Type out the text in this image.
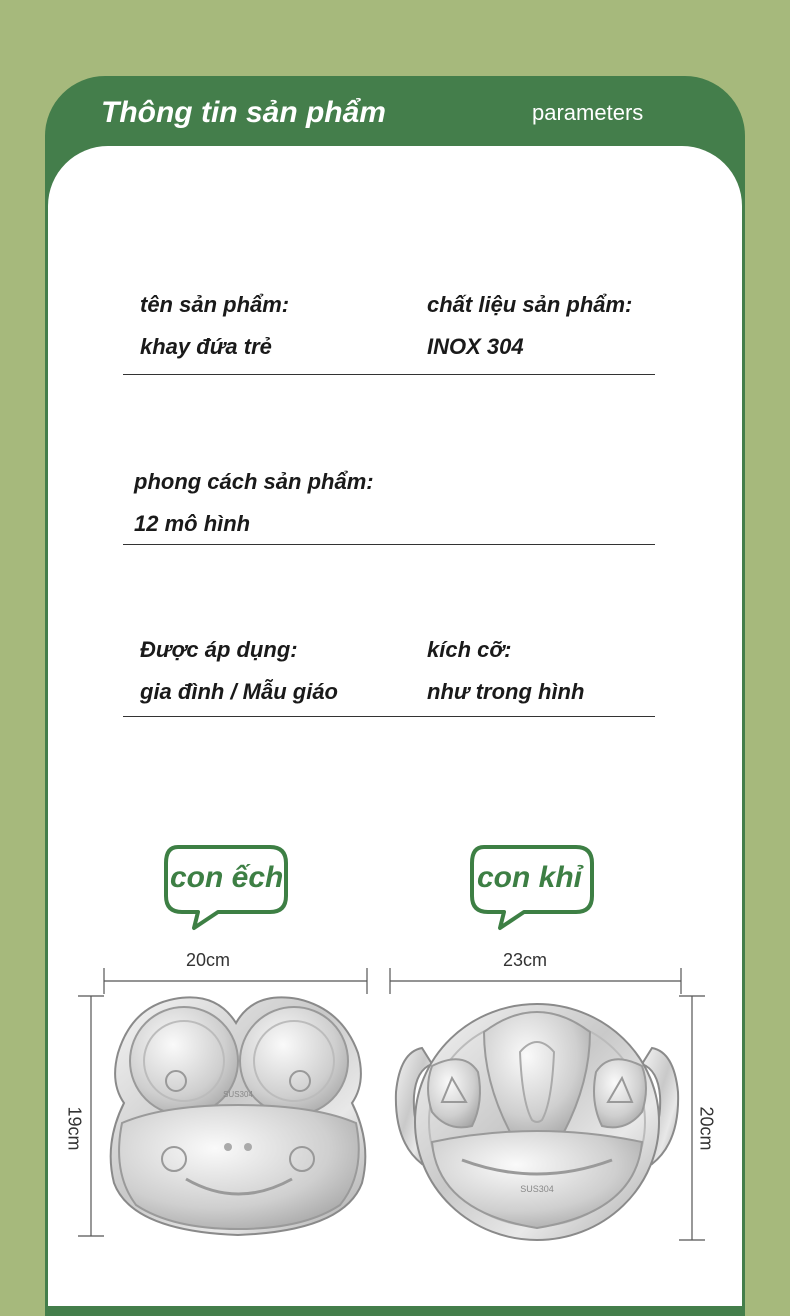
Thông tin sản phẩm	parameters
tên sản phẩm:
khay đứa trẻ
chất liệu sản phẩm:
INOX 304
phong cách sản phẩm:
12 mô hình
Được áp dụng:
gia đình / Mẫu giáo
kích cỡ:
như trong hình
con ếch	con khỉ
20cm	23cm
19cm	20cm
SUS304
SUS304
